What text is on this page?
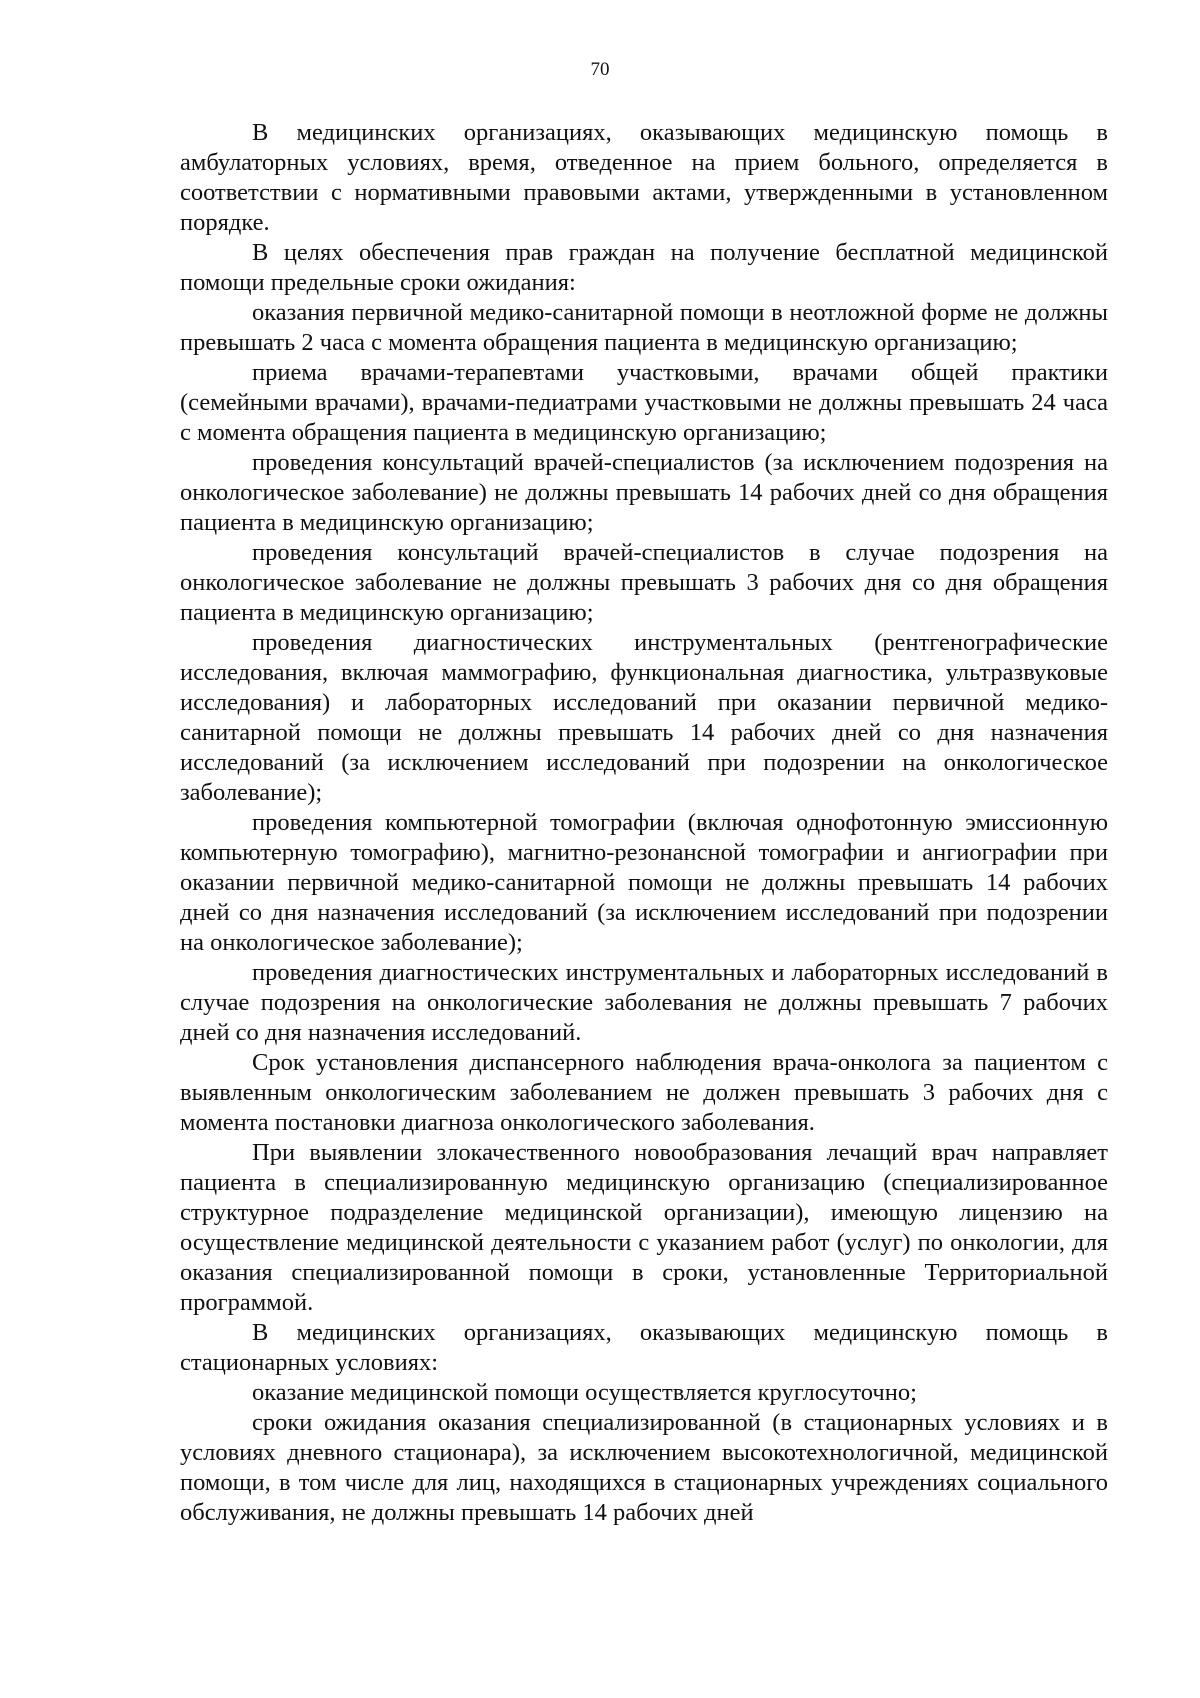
70

В медицинских организациях, оказывающих медицинскую помощь в амбулаторных условиях, время, отведенное на прием больного, определяется в соответствии с нормативными правовыми актами, утвержденными в установленном порядке.

В целях обеспечения прав граждан на получение бесплатной медицинской помощи предельные сроки ожидания:

оказания первичной медико-санитарной помощи в неотложной форме не должны превышать 2 часа с момента обращения пациента в медицинскую организацию;

приема врачами-терапевтами участковыми, врачами общей практики (семейными врачами), врачами-педиатрами участковыми не должны превышать 24 часа с момента обращения пациента в медицинскую организацию;

проведения консультаций врачей-специалистов (за исключением подозрения на онкологическое заболевание) не должны превышать 14 рабочих дней со дня обращения пациента в медицинскую организацию;

проведения консультаций врачей-специалистов в случае подозрения на онкологическое заболевание не должны превышать 3 рабочих дня со дня обращения пациента в медицинскую организацию;

проведения диагностических инструментальных (рентгенографические исследования, включая маммографию, функциональная диагностика, ультразвуковые исследования) и лабораторных исследований при оказании первичной медико-санитарной помощи не должны превышать 14 рабочих дней со дня назначения исследований (за исключением исследований при подозрении на онкологическое заболевание);

проведения компьютерной томографии (включая однофотонную эмиссионную компьютерную томографию), магнитно-резонансной томографии и ангиографии при оказании первичной медико-санитарной помощи не должны превышать 14 рабочих дней со дня назначения исследований (за исключением исследований при подозрении на онкологическое заболевание);

проведения диагностических инструментальных и лабораторных исследований в случае подозрения на онкологические заболевания не должны превышать 7 рабочих дней со дня назначения исследований.

Срок установления диспансерного наблюдения врача-онколога за пациентом с выявленным онкологическим заболеванием не должен превышать 3 рабочих дня с момента постановки диагноза онкологического заболевания.

При выявлении злокачественного новообразования лечащий врач направляет пациента в специализированную медицинскую организацию (специализированное структурное подразделение медицинской организации), имеющую лицензию на осуществление медицинской деятельности с указанием работ (услуг) по онкологии, для оказания специализированной помощи в сроки, установленные Территориальной программой.

В медицинских организациях, оказывающих медицинскую помощь в стационарных условиях:

оказание медицинской помощи осуществляется круглосуточно;

сроки ожидания оказания специализированной (в стационарных условиях и в условиях дневного стационара), за исключением высокотехнологичной, медицинской помощи, в том числе для лиц, находящихся в стационарных учреждениях социального обслуживания, не должны превышать 14 рабочих дней
